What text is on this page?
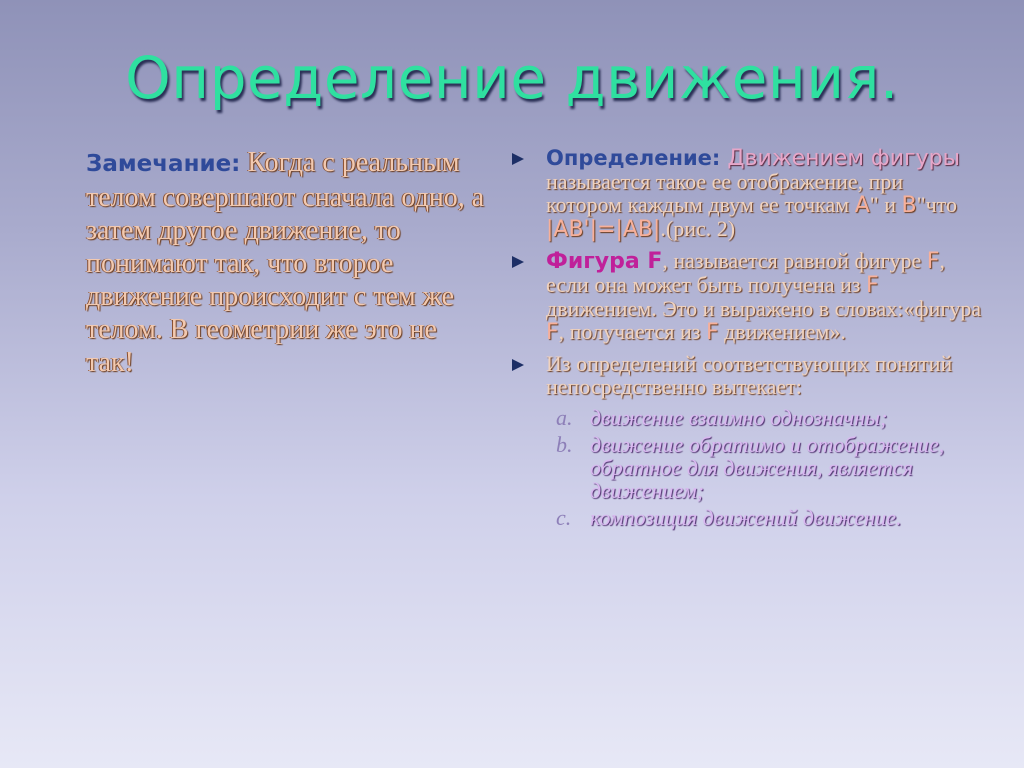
Определение движения.
Замечание: Когда с реальным телом совершают сначала одно, а затем другое движение, то понимают так, что второе движение происходит с тем же телом. В геометрии же это не так!
Определение: Движением фигуры называется такое ее отображение, при котором каждым двум ее точкам A" и B"что |AB'|=|AB|.(рис. 2)
Фигура F, называется равной фигуре F, если она может быть получена из F движением. Это и выражено в словах:«фигура F, получается из F движением».
Из определений соответствующих понятий непосредственно вытекает:
a. движение взаимно однозначны;
b. движение обратимо и отображение, обратное для движения, является движением;
c. композиция движений движение.
